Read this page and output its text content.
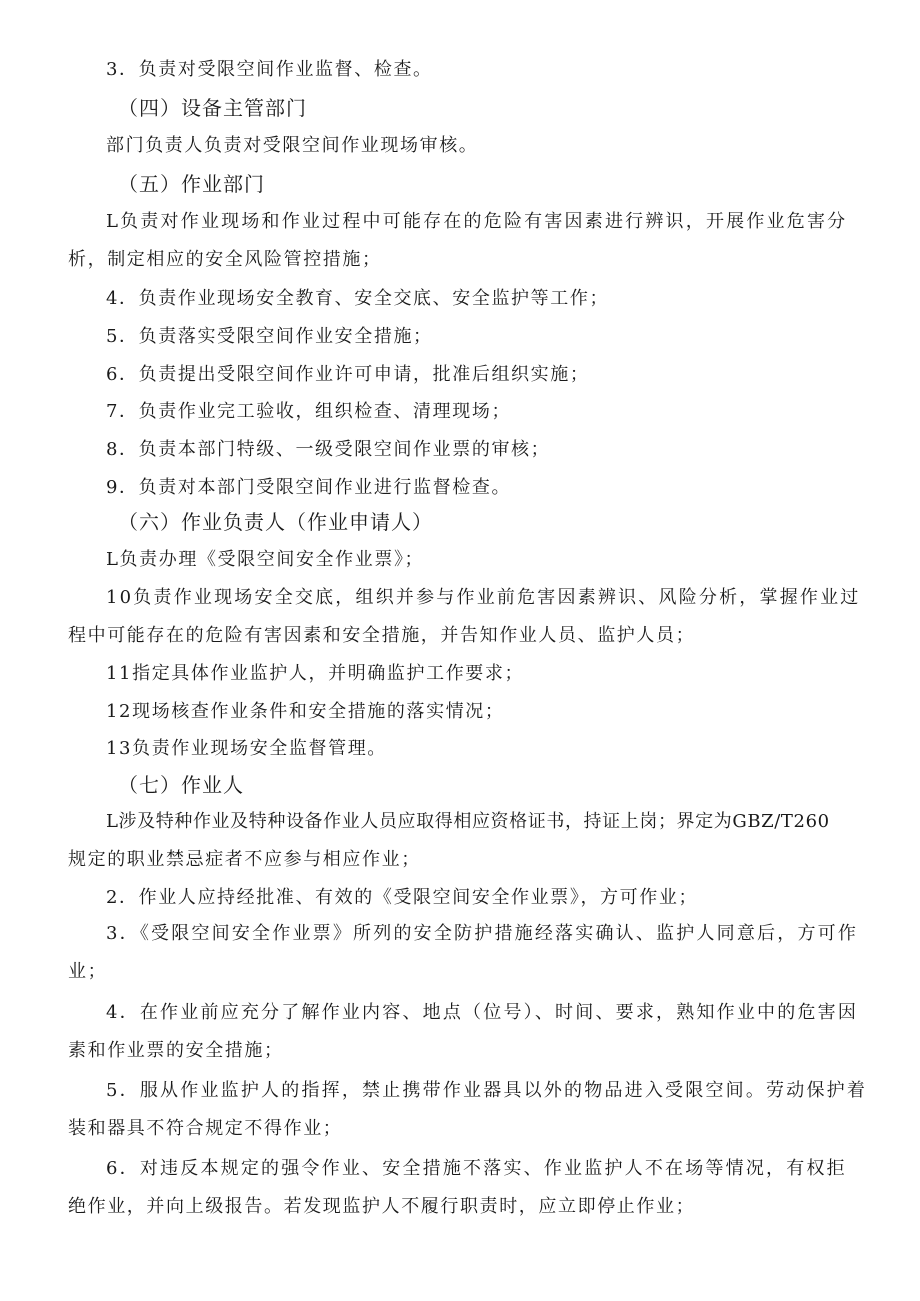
3．负责对受限空间作业监督、检查。
（四）设备主管部门
部门负责人负责对受限空间作业现场审核。
（五）作业部门
L负责对作业现场和作业过程中可能存在的危险有害因素进行辨识，开展作业危害分
析，制定相应的安全风险管控措施；
4．负责作业现场安全教育、安全交底、安全监护等工作；
5．负责落实受限空间作业安全措施；
6．负责提出受限空间作业许可申请，批准后组织实施；
7．负责作业完工验收，组织检查、清理现场；
8．负责本部门特级、一级受限空间作业票的审核；
9．负责对本部门受限空间作业进行监督检查。
（六）作业负责人（作业申请人）
L负责办理《受限空间安全作业票》；
10负责作业现场安全交底，组织并参与作业前危害因素辨识、风险分析，掌握作业过
程中可能存在的危险有害因素和安全措施，并告知作业人员、监护人员；
11指定具体作业监护人，并明确监护工作要求；
12现场核查作业条件和安全措施的落实情况；
13负责作业现场安全监督管理。
（七）作业人
L涉及特种作业及特种设备作业人员应取得相应资格证书，持证上岗；界定为GBZ/T260
规定的职业禁忌症者不应参与相应作业；
2．作业人应持经批准、有效的《受限空间安全作业票》，方可作业；
3．《受限空间安全作业票》所列的安全防护措施经落实确认、监护人同意后，方可作
业；
4．在作业前应充分了解作业内容、地点（位号）、时间、要求，熟知作业中的危害因
素和作业票的安全措施；
5．服从作业监护人的指挥，禁止携带作业器具以外的物品进入受限空间。劳动保护着
装和器具不符合规定不得作业；
6．对违反本规定的强令作业、安全措施不落实、作业监护人不在场等情况，有权拒
绝作业，并向上级报告。若发现监护人不履行职责时，应立即停止作业；
